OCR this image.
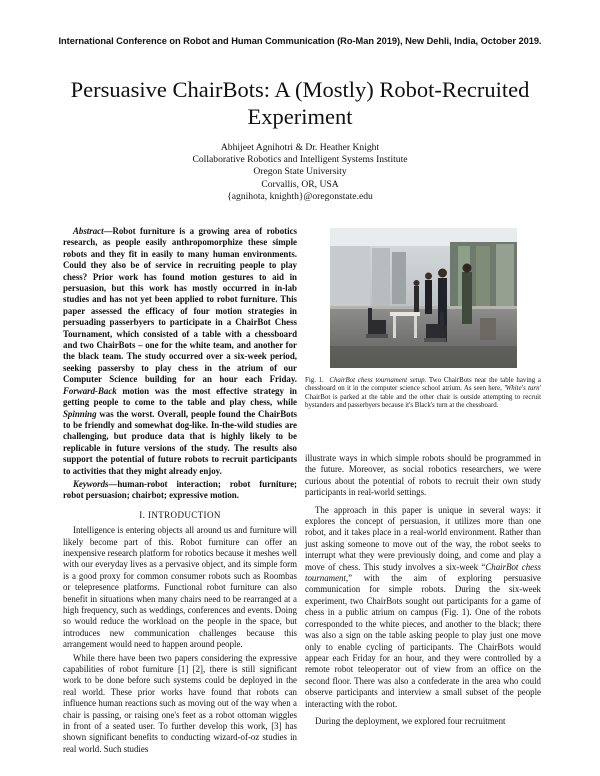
International Conference on Robot and Human Communication (Ro-Man 2019), New Dehli, India, October 2019.
Persuasive ChairBots: A (Mostly) Robot-Recruited Experiment
Abhijeet Agnihotri & Dr. Heather Knight
Collaborative Robotics and Intelligent Systems Institute
Oregon State University
Corvallis, OR, USA
{agnihota, knighth}@oregonstate.edu

Abstract—Robot furniture is a growing area of robotics research, as people easily anthropomorphize these simple robots and they fit in easily to many human environments. Could they also be of service in recruiting people to play chess? Prior work has found motion gestures to aid in persuasion, but this work has mostly occurred in in-lab studies and has not yet been applied to robot furniture. This paper assessed the efficacy of four motion strategies in persuading passerbyers to participate in a ChairBot Chess Tournament, which consisted of a table with a chessboard and two ChairBots – one for the white team, and another for the black team. The study occurred over a six-week period, seeking passersby to play chess in the atrium of our Computer Science building for an hour each Friday. Forward-Back motion was the most effective strategy in getting people to come to the table and play chess, while Spinning was the worst. Overall, people found the ChairBots to be friendly and somewhat dog-like. In-the-wild studies are challenging, but produce data that is highly likely to be replicable in future versions of the study. The results also support the potential of future robots to recruit participants to activities that they might already enjoy.

Keywords—human-robot interaction; robot furniture; robot persuasion; chairbot; expressive motion.

I. INTRODUCTION

Intelligence is entering objects all around us and furniture will likely become part of this. Robot furniture can offer an inexpensive research platform for robotics because it meshes well with our everyday lives as a pervasive object, and its simple form is a good proxy for common consumer robots such as Roombas or telepresence platforms. Functional robot furniture can also benefit in situations when many chairs need to be rearranged at a high frequency, such as weddings, conferences and events. Doing so would reduce the workload on the people in the space, but introduces new communication challenges because this arrangement would need to happen around people.

While there have been two papers considering the expressive capabilities of robot furniture [1] [2], there is still significant work to be done before such systems could be deployed in the real world. These prior works have found that robots can influence human reactions such as moving out of the way when a chair is passing, or raising one's feet as a robot ottoman wiggles in front of a seated user. To further develop this work, [3] has shown significant benefits to conducting wizard-of-oz studies in real world. Such studies

Fig. 1. ChairBot chess tournament setup. Two ChairBots near the table having a chessboard on it in the computer science school atrium. As seen here, 'White's turn' ChairBot is parked at the table and the other chair is outside attempting to recruit bystanders and passerbyers because it's Black's turn at the chessboard.

illustrate ways in which simple robots should be programmed in the future. Moreover, as social robotics researchers, we were curious about the potential of robots to recruit their own study participants in real-world settings.

The approach in this paper is unique in several ways: it explores the concept of persuasion, it utilizes more than one robot, and it takes place in a real-world environment. Rather than just asking someone to move out of the way, the robot seeks to interrupt what they were previously doing, and come and play a move of chess. This study involves a six-week “ChairBot chess tournament,” with the aim of exploring persuasive communication for simple robots. During the six-week experiment, two ChairBots sought out participants for a game of chess in a public atrium on campus (Fig. 1). One of the robots corresponded to the white pieces, and another to the black; there was also a sign on the table asking people to play just one move only to enable cycling of participants. The ChairBots would appear each Friday for an hour, and they were controlled by a remote robot teleoperator out of view from an office on the second floor. There was also a confederate in the area who could observe participants and interview a small subset of the people interacting with the robot.

During the deployment, we explored four recruitment
